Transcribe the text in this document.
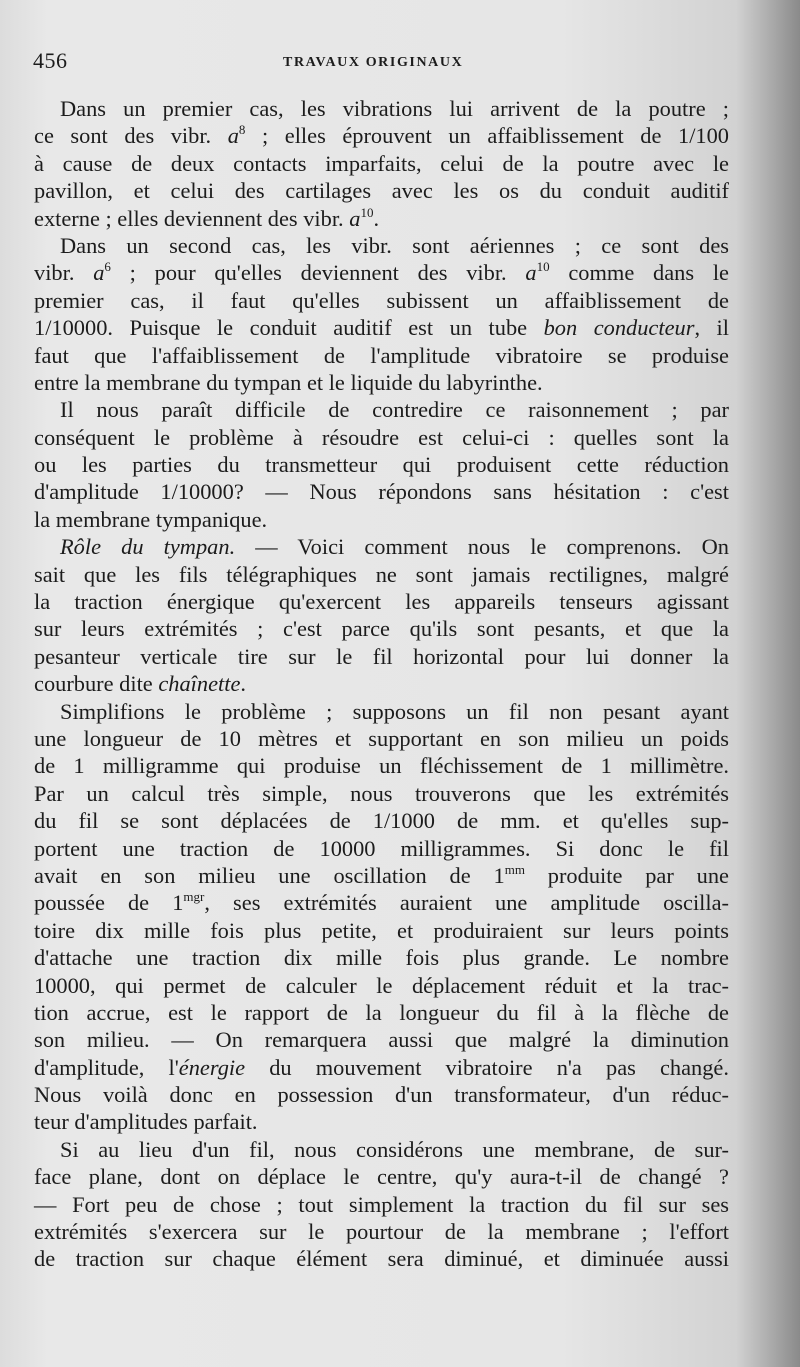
456	TRAVAUX ORIGINAUX
Dans un premier cas, les vibrations lui arrivent de la poutre ;
ce sont des vibr. $a^8$ ; elles éprouvent un affaiblissement de 1/100
à cause de deux contacts imparfaits, celui de la poutre avec le
pavillon, et celui des cartilages avec les os du conduit auditif
externe ; elles deviennent des vibr. $a^{10}$.
Dans un second cas, les vibr. sont aériennes ; ce sont des
vibr. $a^6$ ; pour qu'elles deviennent des vibr. $a^{10}$ comme dans le
premier cas, il faut qu'elles subissent un affaiblissement de
1/10000. Puisque le conduit auditif est un tube bon conducteur, il
faut que l'affaiblissement de l'amplitude vibratoire se produise
entre la membrane du tympan et le liquide du labyrinthe.
Il nous paraît difficile de contredire ce raisonnement ; par
conséquent le problème à résoudre est celui-ci : quelles sont la
ou les parties du transmetteur qui produisent cette réduction
d'amplitude 1/10000? — Nous répondons sans hésitation : c'est
la membrane tympanique.
Rôle du tympan. — Voici comment nous le comprenons. On
sait que les fils télégraphiques ne sont jamais rectilignes, malgré
la traction énergique qu'exercent les appareils tenseurs agissant
sur leurs extrémités ; c'est parce qu'ils sont pesants, et que la
pesanteur verticale tire sur le fil horizontal pour lui donner la
courbure dite chaînette.
Simplifions le problème ; supposons un fil non pesant ayant
une longueur de 10 mètres et supportant en son milieu un poids
de 1 milligramme qui produise un fléchissement de 1 millimètre.
Par un calcul très simple, nous trouverons que les extrémités
du fil se sont déplacées de 1/1000 de mm. et qu'elles sup-
portent une traction de 10000 milligrammes. Si donc le fil
avait en son milieu une oscillation de $1^{mm}$ produite par une
poussée de $1^{mgr}$, ses extrémités auraient une amplitude oscilla-
toire dix mille fois plus petite, et produiraient sur leurs points
d'attache une traction dix mille fois plus grande. Le nombre
10000, qui permet de calculer le déplacement réduit et la trac-
tion accrue, est le rapport de la longueur du fil à la flèche de
son milieu. — On remarquera aussi que malgré la diminution
d'amplitude, l'énergie du mouvement vibratoire n'a pas changé.
Nous voilà donc en possession d'un transformateur, d'un réduc-
teur d'amplitudes parfait.
Si au lieu d'un fil, nous considérons une membrane, de sur-
face plane, dont on déplace le centre, qu'y aura-t-il de changé ?
— Fort peu de chose ; tout simplement la traction du fil sur ses
extrémités s'exercera sur le pourtour de la membrane ; l'effort
de traction sur chaque élément sera diminué, et diminuée aussi
